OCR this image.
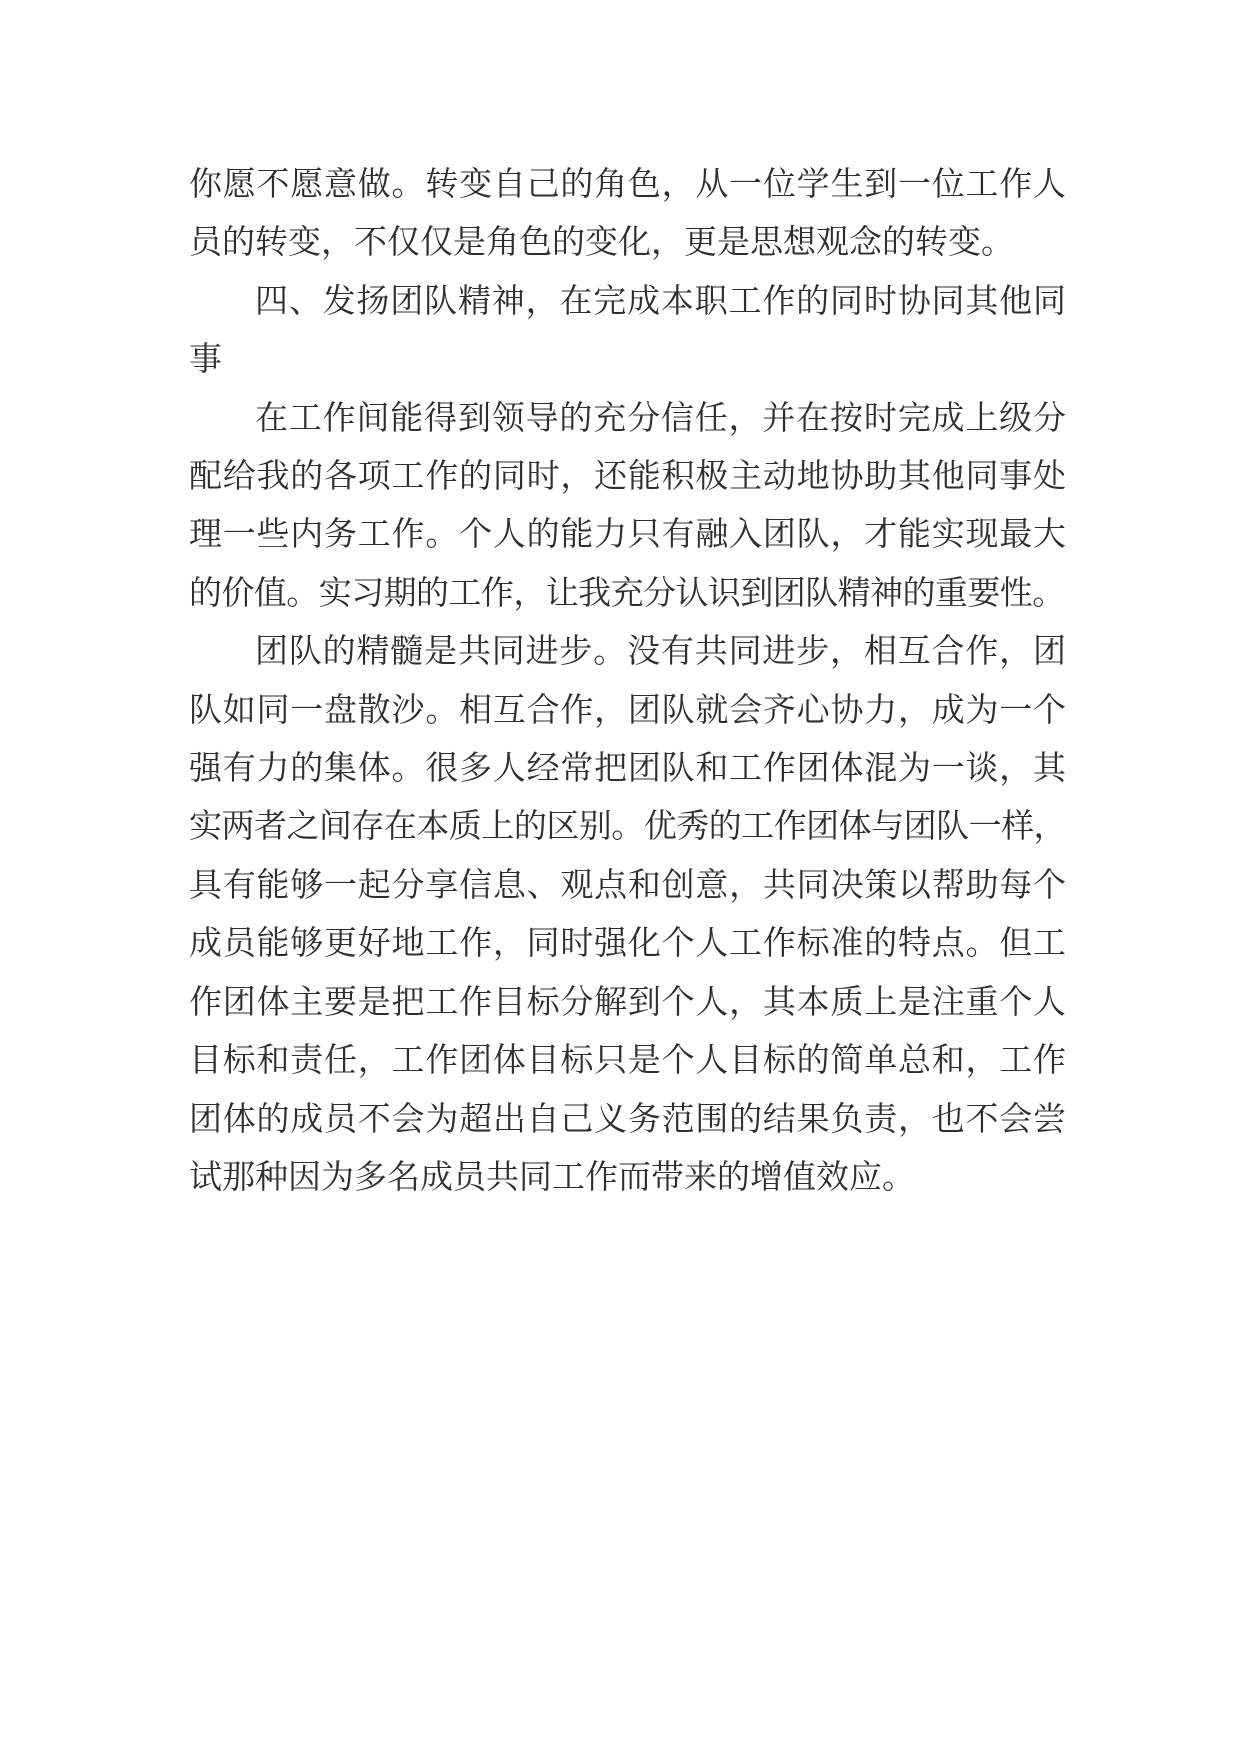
你愿不愿意做。转变自己的角色，从一位学生到一位工作人
员的转变，不仅仅是角色的变化，更是思想观念的转变。

四、发扬团队精神，在完成本职工作的同时协同其他同
事

在工作间能得到领导的充分信任，并在按时完成上级分
配给我的各项工作的同时，还能积极主动地协助其他同事处
理一些内务工作。个人的能力只有融入团队，才能实现最大
的价值。实习期的工作，让我充分认识到团队精神的重要性。

团队的精髓是共同进步。没有共同进步，相互合作，团
队如同一盘散沙。相互合作，团队就会齐心协力，成为一个
强有力的集体。很多人经常把团队和工作团体混为一谈，其
实两者之间存在本质上的区别。优秀的工作团体与团队一样，
具有能够一起分享信息、观点和创意，共同决策以帮助每个
成员能够更好地工作，同时强化个人工作标准的特点。但工
作团体主要是把工作目标分解到个人，其本质上是注重个人
目标和责任，工作团体目标只是个人目标的简单总和，工作
团体的成员不会为超出自己义务范围的结果负责，也不会尝
试那种因为多名成员共同工作而带来的增值效应。
